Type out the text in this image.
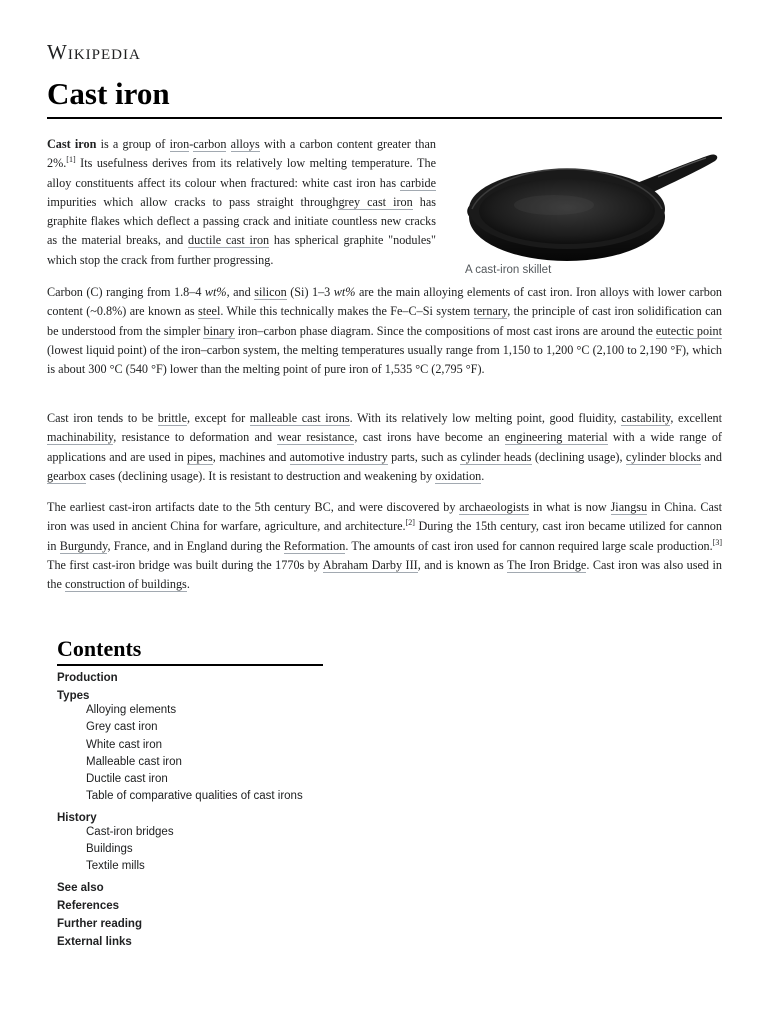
Wikipedia
Cast iron

Cast iron is a group of iron-carbon alloys with a carbon content greater than 2%.[1] Its usefulness derives from its relatively low melting temperature. The alloy constituents affect its colour when fractured: white cast iron has carbide impurities which allow cracks to pass straight throughgrey cast iron has graphite flakes which deflect a passing crack and initiate countless new cracks as the material breaks, and ductile cast iron has spherical graphite "nodules" which stop the crack from further progressing.

A cast-iron skillet

Carbon (C) ranging from 1.8–4 wt%, and silicon (Si) 1–3 wt% are the main alloying elements of cast iron. Iron alloys with lower carbon content (~0.8%) are known as steel. While this technically makes the Fe–C–Si system ternary, the principle of cast iron solidification can be understood from the simpler binary iron–carbon phase diagram. Since the compositions of most cast irons are around the eutectic point (lowest liquid point) of the iron–carbon system, the melting temperatures usually range from 1,150 to 1,200 °C (2,100 to 2,190 °F), which is about 300 °C (540 °F) lower than the melting point of pure iron of 1,535 °C (2,795 °F).

Cast iron tends to be brittle, except for malleable cast irons. With its relatively low melting point, good fluidity, castability, excellent machinability, resistance to deformation and wear resistance, cast irons have become an engineering material with a wide range of applications and are used in pipes, machines and automotive industry parts, such as cylinder heads (declining usage), cylinder blocks and gearbox cases (declining usage). It is resistant to destruction and weakening by oxidation.

The earliest cast-iron artifacts date to the 5th century BC, and were discovered by archaeologists in what is now Jiangsu in China. Cast iron was used in ancient China for warfare, agriculture, and architecture.[2] During the 15th century, cast iron became utilized for cannon in Burgundy, France, and in England during the Reformation. The amounts of cast iron used for cannon required large scale production.[3] The first cast-iron bridge was built during the 1770s by Abraham Darby III, and is known as The Iron Bridge. Cast iron was also used in the construction of buildings.

Contents
Production
Types
Alloying elements
Grey cast iron
White cast iron
Malleable cast iron
Ductile cast iron
Table of comparative qualities of cast irons
History
Cast-iron bridges
Buildings
Textile mills
See also
References
Further reading
External links
